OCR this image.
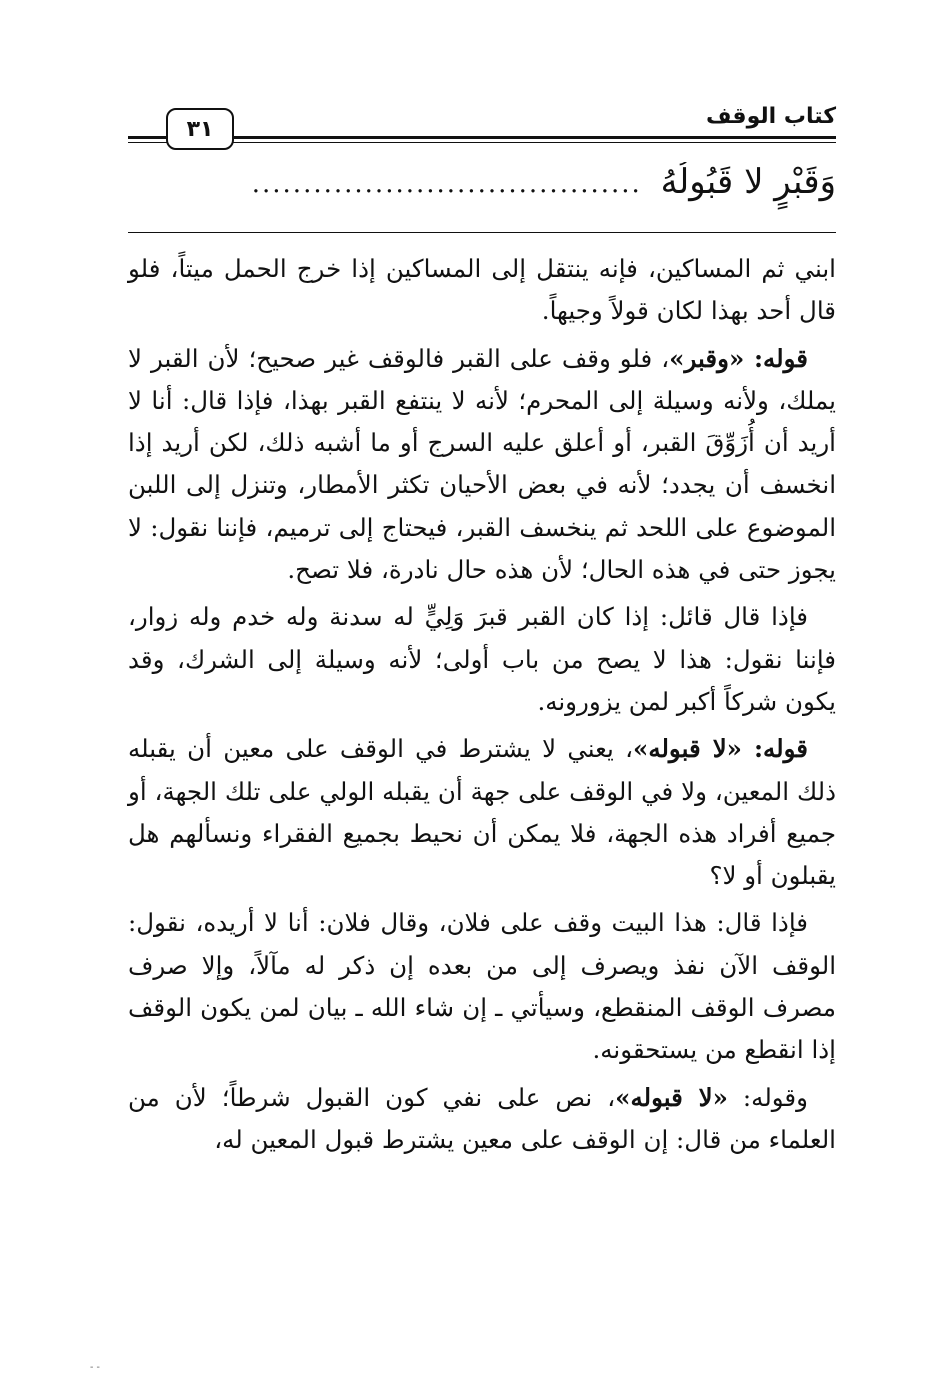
كتاب الوقف
٣١
وَقَبْرٍ لا قَبُولُهُ ......................................

ابني ثم المساكين، فإنه ينتقل إلى المساكين إذا خرج الحمل ميتاً، فلو قال أحد بهذا لكان قولاً وجيهاً.

قوله: «وقبر»، فلو وقف على القبر فالوقف غير صحيح؛ لأن القبر لا يملك، ولأنه وسيلة إلى المحرم؛ لأنه لا ينتفع القبر بهذا، فإذا قال: أنا لا أريد أن أُزَوِّقَ القبر، أو أعلق عليه السرج أو ما أشبه ذلك، لكن أريد إذا انخسف أن يجدد؛ لأنه في بعض الأحيان تكثر الأمطار، وتنزل إلى اللبن الموضوع على اللحد ثم ينخسف القبر، فيحتاج إلى ترميم، فإننا نقول: لا يجوز حتى في هذه الحال؛ لأن هذه حال نادرة، فلا تصح.

فإذا قال قائل: إذا كان القبر قبرَ وَلِيٍّ له سدنة وله خدم وله زوار، فإننا نقول: هذا لا يصح من باب أولى؛ لأنه وسيلة إلى الشرك، وقد يكون شركاً أكبر لمن يزورونه.

قوله: «لا قبوله»، يعني لا يشترط في الوقف على معين أن يقبله ذلك المعين، ولا في الوقف على جهة أن يقبله الولي على تلك الجهة، أو جميع أفراد هذه الجهة، فلا يمكن أن نحيط بجميع الفقراء ونسألهم هل يقبلون أو لا؟

فإذا قال: هذا البيت وقف على فلان، وقال فلان: أنا لا أريده، نقول: الوقف الآن نفذ ويصرف إلى من بعده إن ذكر له مآلاً، وإلا صرف مصرف الوقف المنقطع، وسيأتي ـ إن شاء الله ـ بيان لمن يكون الوقف إذا انقطع من يستحقونه.

وقوله: «لا قبوله»، نص على نفي كون القبول شرطاً؛ لأن من العلماء من قال: إن الوقف على معين يشترط قبول المعين له،

- -
